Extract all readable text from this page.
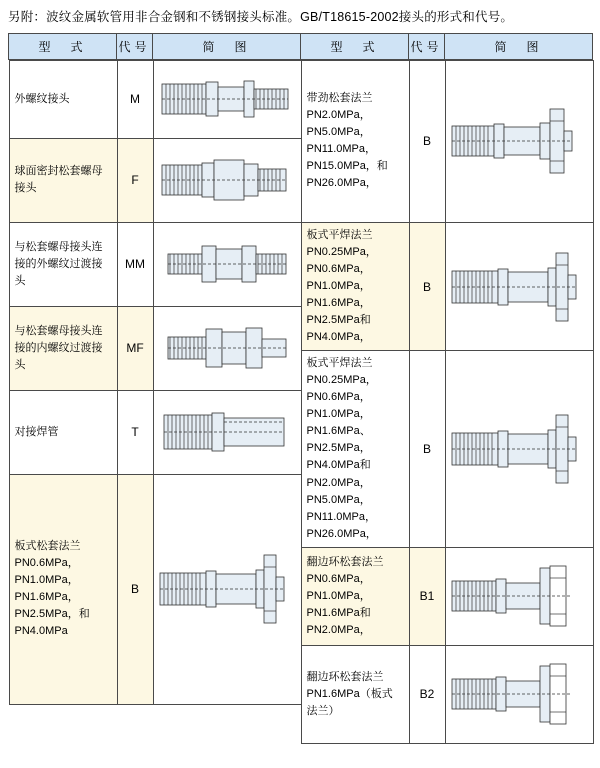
另附：波纹金属软管用非合金钢和不锈钢接头标准。GB/T18615-2002接头的形式和代号。
型　式	代号	简　图	型　式	代号	简　图

外螺纹接头	M	

球面密封松套螺母接头
	F	

与松套螺母接头连接的外螺纹过渡接头
	MM	

与松套螺母接头连接的内螺纹过渡接头
	MF	

对接焊管	T	

板式松套法兰
PN0.6MPa，PN1.0MPa，PN1.6MPa，PN2.5MPa，和PN4.0MPa
	B	

带劲松套法兰
PN2.0MPa，PN5.0MPa，PN11.0MPa，PN15.0MPa，和PN26.0MPa，
	B	

板式平焊法兰
PN0.25MPa，PN0.6MPa，PN1.0MPa，PN1.6MPa，PN2.5MPa和PN4.0MPa，
	B	

板式平焊法兰
PN0.25MPa，PN0.6MPa，PN1.0MPa，PN1.6MPa、PN2.5MPa，PN4.0MPa和PN2.0MPa，PN5.0MPa，PN11.0MPa，PN26.0MPa，
	B	

翻边环松套法兰
PN0.6MPa，PN1.0MPa，PN1.6MPa和PN2.0MPa，
	B1	

翻边环松套法兰
PN1.6MPa（板式法兰）
	B2	
